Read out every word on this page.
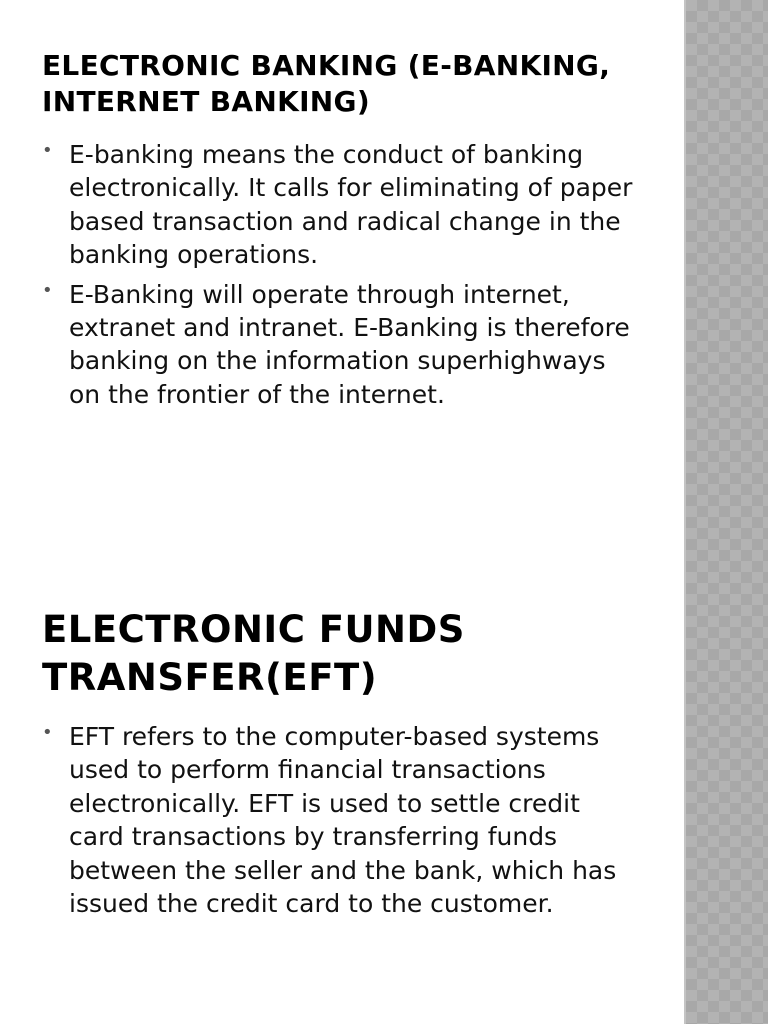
ELECTRONIC BANKING (E-BANKING, INTERNET BANKING)
• E-banking means the conduct of banking electronically. It calls for eliminating of paper based transaction and radical change in the banking operations.
• E-Banking will operate through internet, extranet and intranet. E-Banking is therefore banking on the information superhighways on the frontier of the internet.
ELECTRONIC FUNDS TRANSFER(EFT)
• EFT refers to the computer-based systems used to perform financial transactions electronically. EFT is used to settle credit card transactions by transferring funds between the seller and the bank, which has issued the credit card to the customer.
